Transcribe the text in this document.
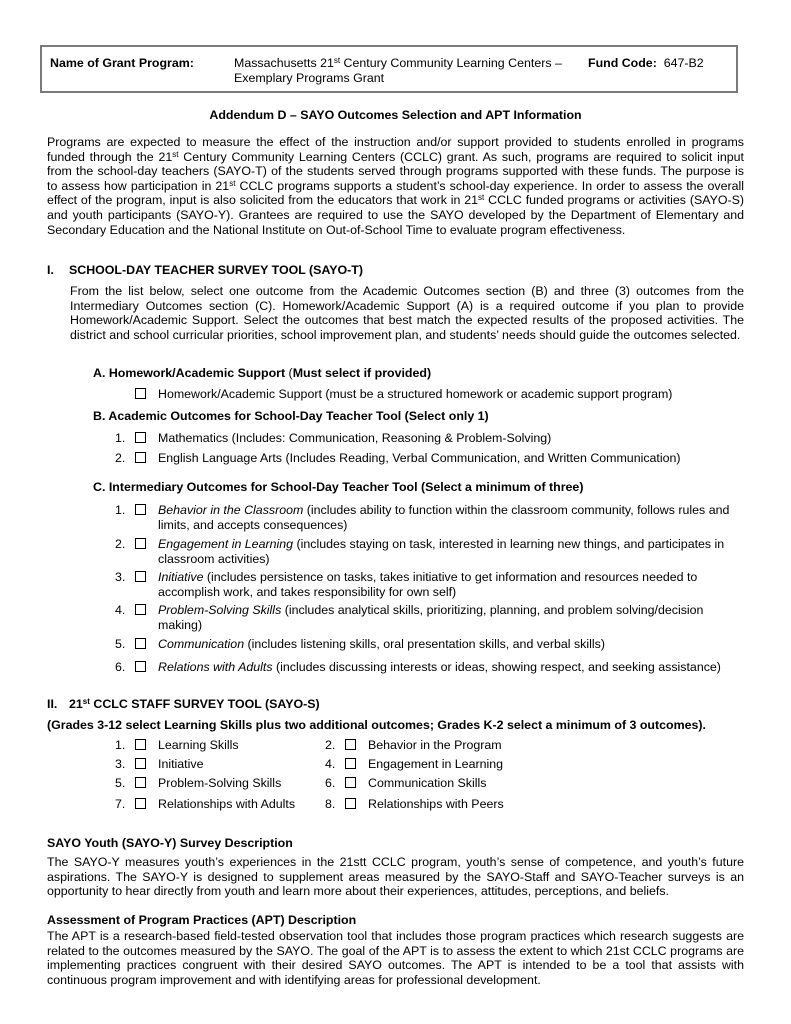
Name of Grant Program:	Massachusetts 21st Century Community Learning Centers – Exemplary Programs Grant
Fund Code: 647-B2
Addendum D – SAYO Outcomes Selection and APT Information
Programs are expected to measure the effect of the instruction and/or support provided to students enrolled in programs funded through the 21st Century Community Learning Centers (CCLC) grant. As such, programs are required to solicit input from the school-day teachers (SAYO-T) of the students served through programs supported with these funds. The purpose is to assess how participation in 21st CCLC programs supports a student’s school-day experience. In order to assess the overall effect of the program, input is also solicited from the educators that work in 21st CCLC funded programs or activities (SAYO-S) and youth participants (SAYO-Y). Grantees are required to use the SAYO developed by the Department of Elementary and Secondary Education and the National Institute on Out-of-School Time to evaluate program effectiveness.
I. SCHOOL-DAY TEACHER SURVEY TOOL (SAYO-T)
From the list below, select one outcome from the Academic Outcomes section (B) and three (3) outcomes from the Intermediary Outcomes section (C). Homework/Academic Support (A) is a required outcome if you plan to provide Homework/Academic Support. Select the outcomes that best match the expected results of the proposed activities. The district and school curricular priorities, school improvement plan, and students’ needs should guide the outcomes selected.
A. Homework/Academic Support (Must select if provided)
Homework/Academic Support (must be a structured homework or academic support program)
B. Academic Outcomes for School-Day Teacher Tool (Select only 1)
1.	Mathematics (Includes: Communication, Reasoning & Problem-Solving)
2.	English Language Arts (Includes Reading, Verbal Communication, and Written Communication)
C. Intermediary Outcomes for School-Day Teacher Tool (Select a minimum of three)
1.	Behavior in the Classroom (includes ability to function within the classroom community, follows rules and limits, and accepts consequences)
2.	Engagement in Learning (includes staying on task, interested in learning new things, and participates in classroom activities)
3.	Initiative (includes persistence on tasks, takes initiative to get information and resources needed to accomplish work, and takes responsibility for own self)
4.	Problem-Solving Skills (includes analytical skills, prioritizing, planning, and problem solving/decision making)
5.	Communication (includes listening skills, oral presentation skills, and verbal skills)
6.	Relations with Adults (includes discussing interests or ideas, showing respect, and seeking assistance)
II. 21st CCLC STAFF SURVEY TOOL (SAYO-S)
(Grades 3-12 select Learning Skills plus two additional outcomes; Grades K-2 select a minimum of 3 outcomes).
1.	Learning Skills	2.	Behavior in the Program
3.	Initiative	4.	Engagement in Learning
5.	Problem-Solving Skills	6.	Communication Skills
7.	Relationships with Adults 8.	Relationships with Peers
SAYO Youth (SAYO-Y) Survey Description
The SAYO-Y measures youth’s experiences in the 21stt CCLC program, youth’s sense of competence, and youth’s future aspirations. The SAYO-Y is designed to supplement areas measured by the SAYO-Staff and SAYO-Teacher surveys is an opportunity to hear directly from youth and learn more about their experiences, attitudes, perceptions, and beliefs.
Assessment of Program Practices (APT) Description
The APT is a research-based field-tested observation tool that includes those program practices which research suggests are related to the outcomes measured by the SAYO. The goal of the APT is to assess the extent to which 21st CCLC programs are implementing practices congruent with their desired SAYO outcomes. The APT is intended to be a tool that assists with continuous program improvement and with identifying areas for professional development.
